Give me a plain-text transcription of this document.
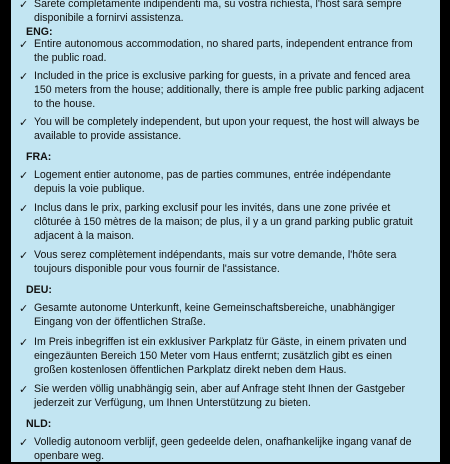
✓ Sarete completamente indipendenti ma, su vostra richiesta, l'host sarà sempre disponibile a fornirvi assistenza.
ENG:
✓ Entire autonomous accommodation, no shared parts, independent entrance from the public road.
✓ Included in the price is exclusive parking for guests, in a private and fenced area 150 meters from the house; additionally, there is ample free public parking adjacent to the house.
✓ You will be completely independent, but upon your request, the host will always be available to provide assistance.
FRA:
✓ Logement entier autonome, pas de parties communes, entrée indépendante depuis la voie publique.
✓ Inclus dans le prix, parking exclusif pour les invités, dans une zone privée et clôturée à 150 mètres de la maison; de plus, il y a un grand parking public gratuit adjacent à la maison.
✓ Vous serez complètement indépendants, mais sur votre demande, l'hôte sera toujours disponible pour vous fournir de l'assistance.
DEU:
✓ Gesamte autonome Unterkunft, keine Gemeinschaftsbereiche, unabhängiger Eingang von der öffentlichen Straße.
✓ Im Preis inbegriffen ist ein exklusiver Parkplatz für Gäste, in einem privaten und eingezäunten Bereich 150 Meter vom Haus entfernt; zusätzlich gibt es einen großen kostenlosen öffentlichen Parkplatz direkt neben dem Haus.
✓ Sie werden völlig unabhängig sein, aber auf Anfrage steht Ihnen der Gastgeber jederzeit zur Verfügung, um Ihnen Unterstützung zu bieten.
NLD:
✓ Volledig autonoom verblijf, geen gedeelde delen, onafhankelijke ingang vanaf de openbare weg.
